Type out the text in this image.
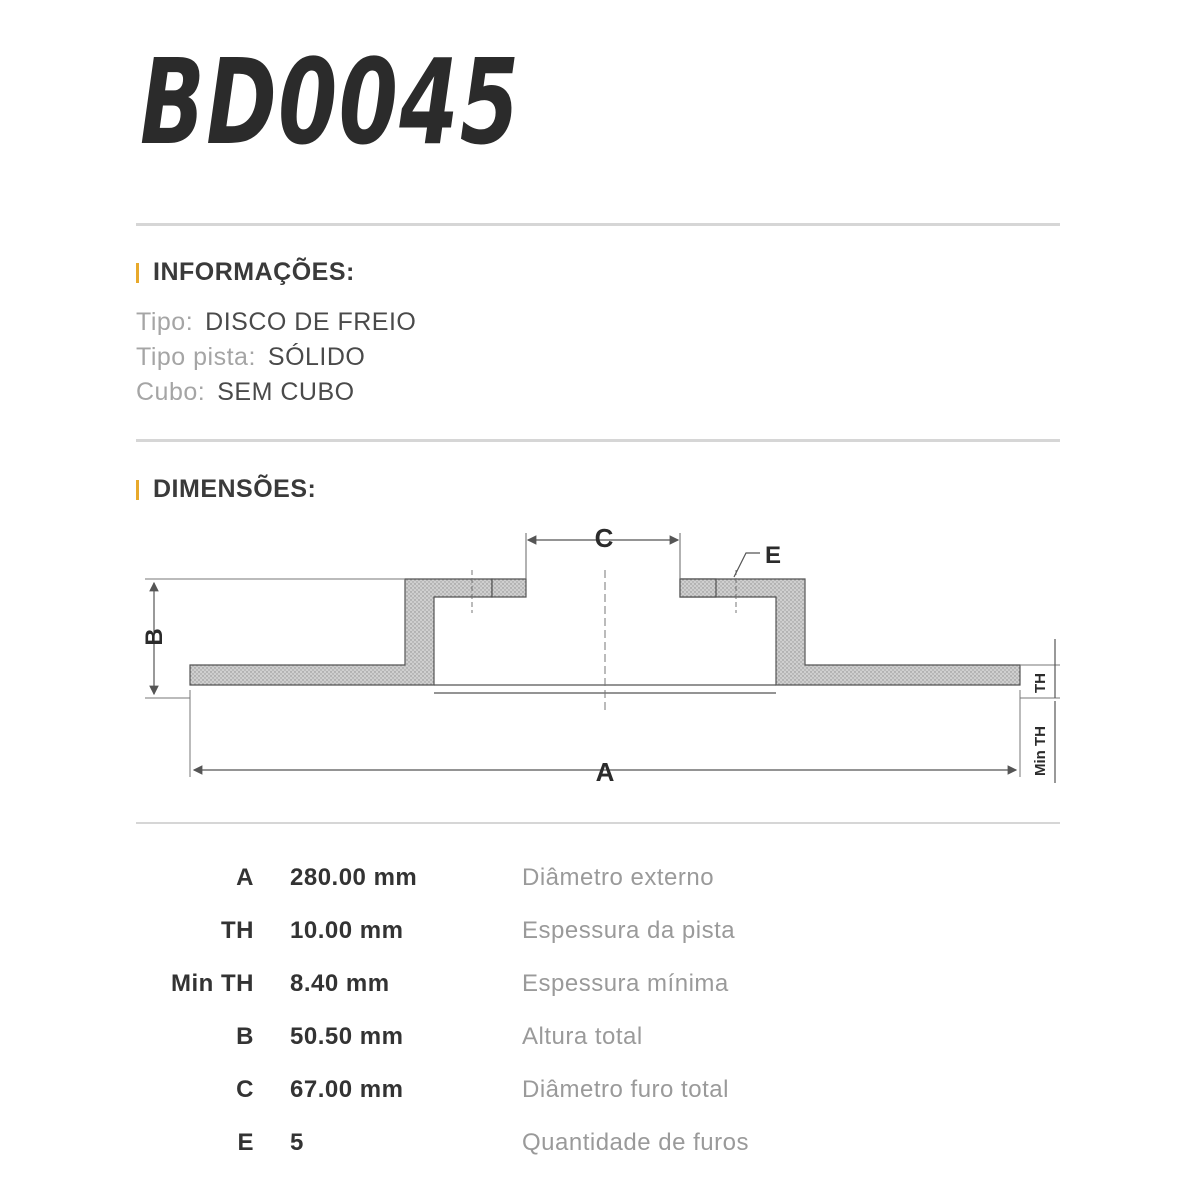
BD0045
INFORMAÇÕES:
Tipo: DISCO DE FREIO
Tipo pista: SÓLIDO
Cubo: SEM CUBO
DIMENSÕES:
C
E
B
A
TH
Min TH
A 280.00 mm	Diâmetro externo
TH 10.00 mm	Espessura da pista
Min TH 8.40 mm	Espessura mínima
B 50.50 mm	Altura total
C 67.00 mm	Diâmetro furo total
E 5	Quantidade de furos
